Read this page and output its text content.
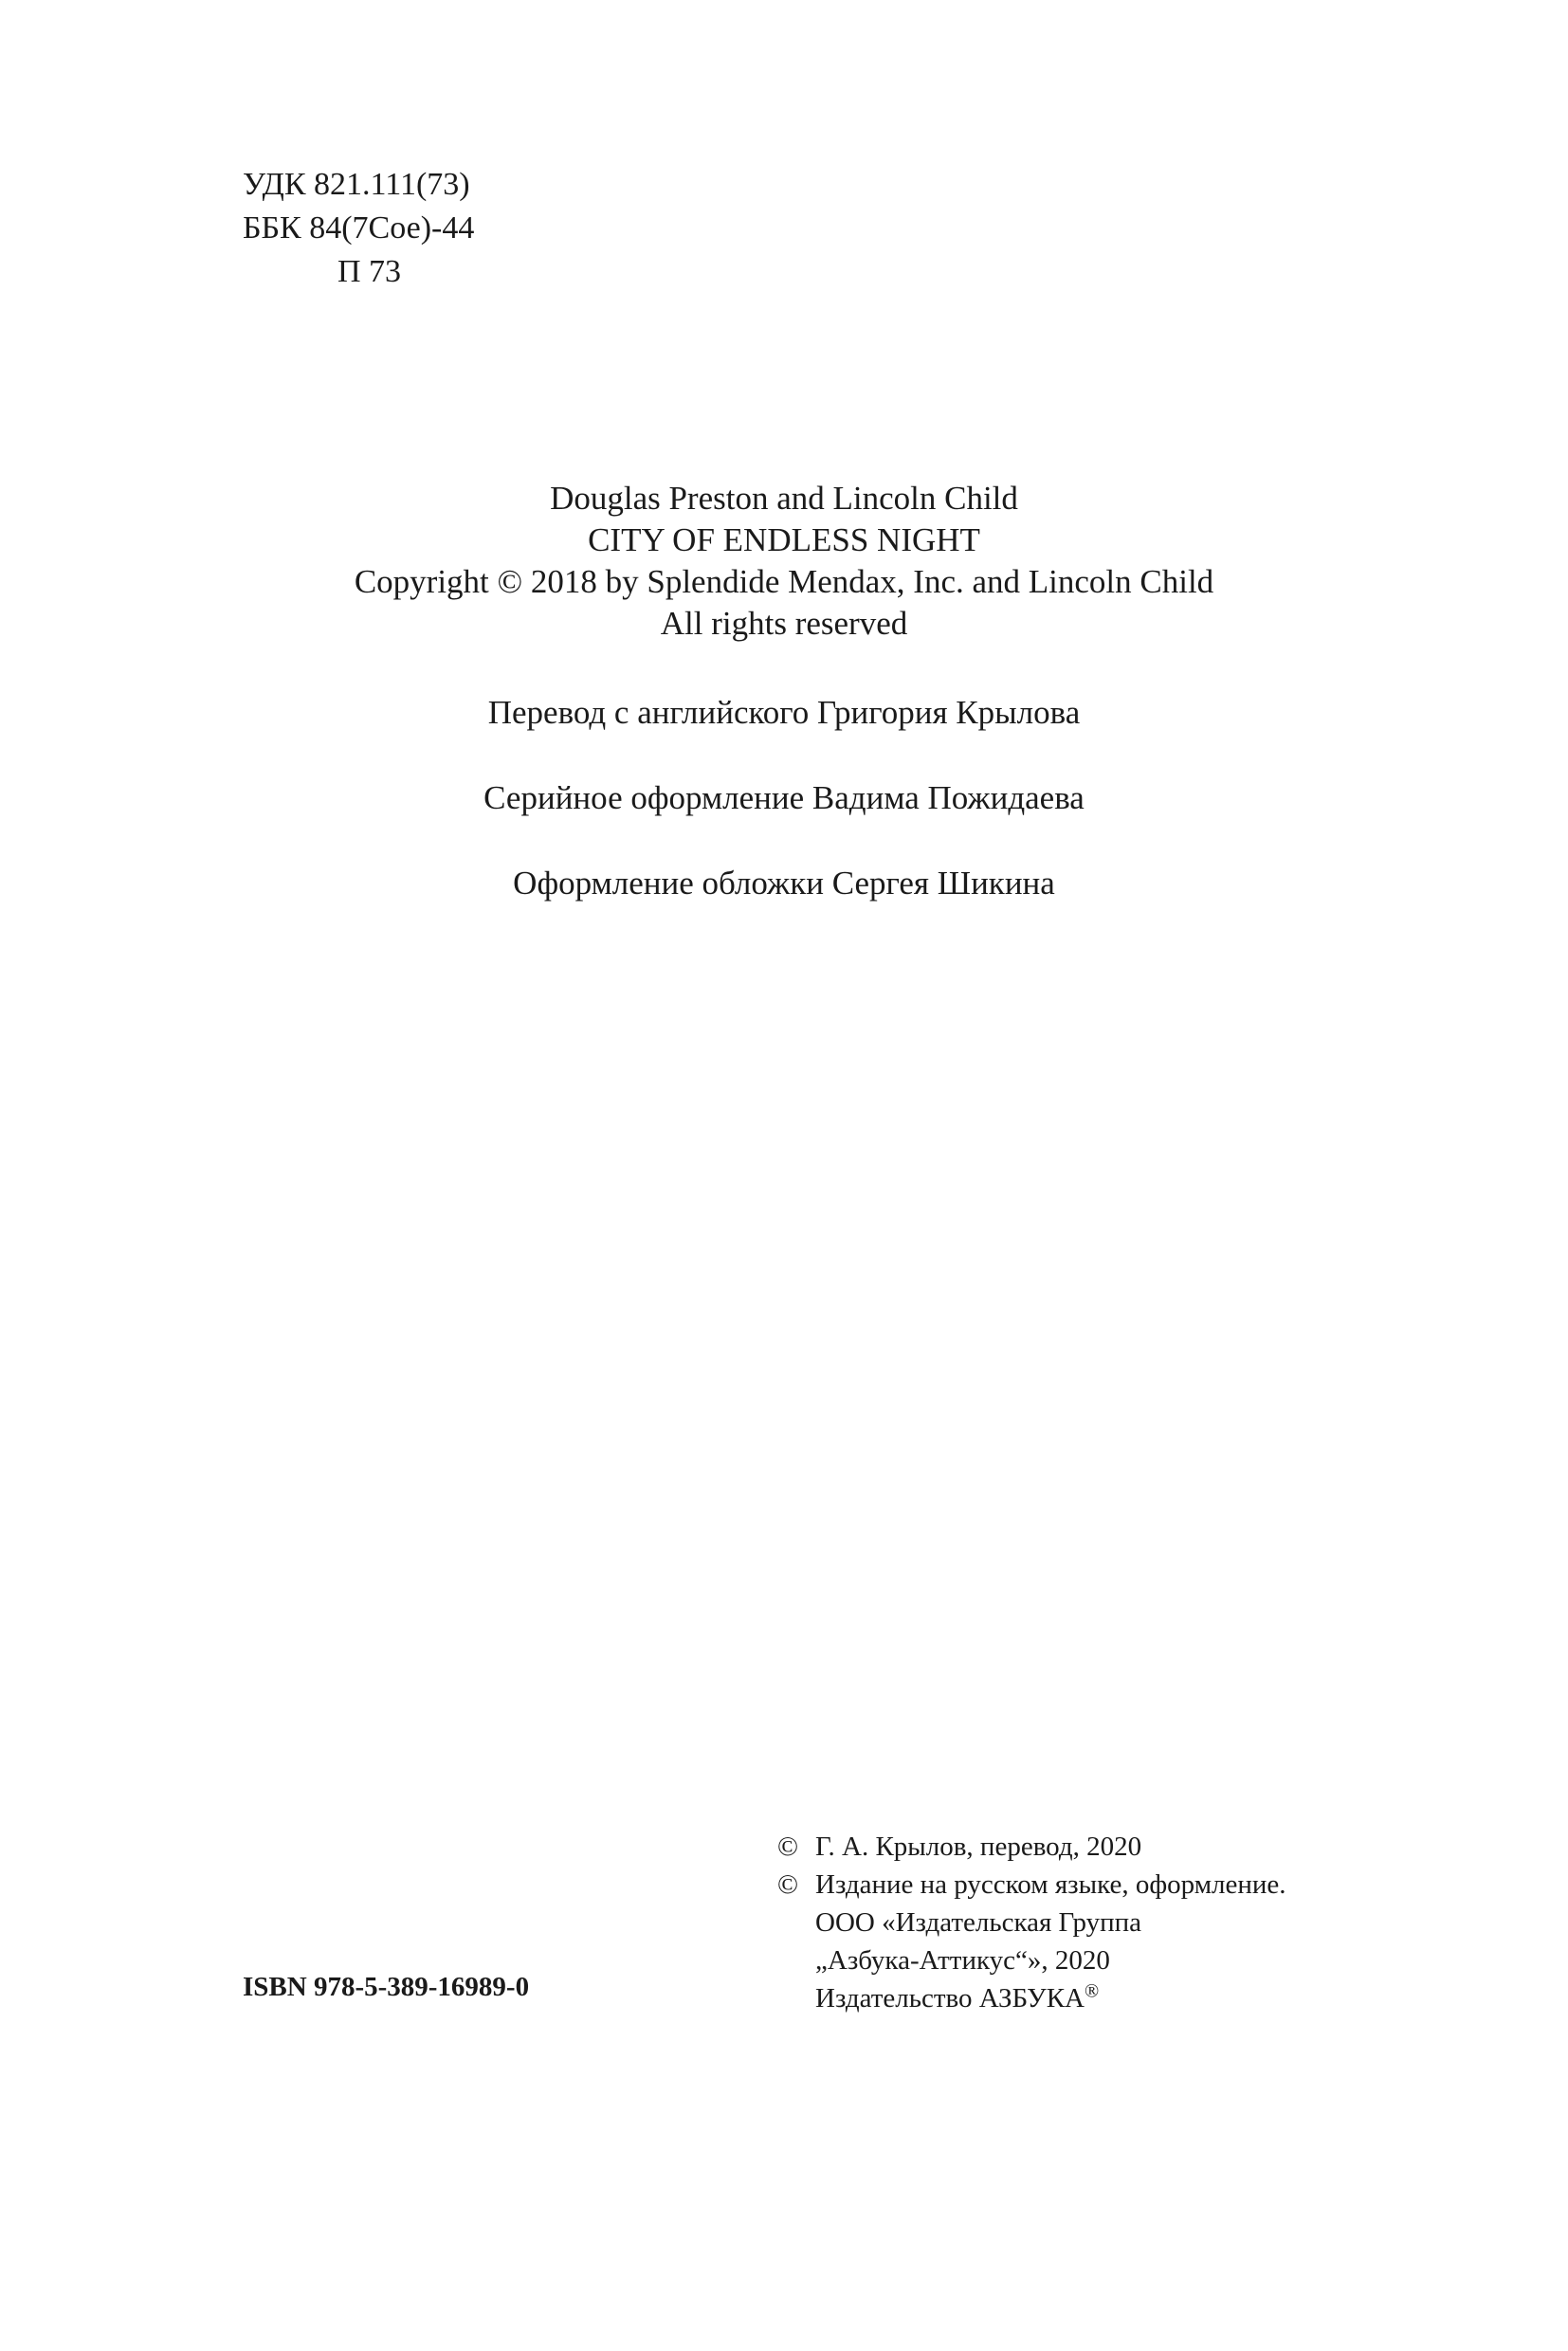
УДК 821.111(73)
ББК 84(7Сое)-44
П 73
Douglas Preston and Lincoln Child
CITY OF ENDLESS NIGHT
Copyright © 2018 by Splendide Mendax, Inc. and Lincoln Child
All rights reserved
Перевод с английского Григория Крылова
Серийное оформление Вадима Пожидаева
Оформление обложки Сергея Шикина
ISBN 978-5-389-16989-0
© Г. А. Крылов, перевод, 2020
© Издание на русском языке, оформление.
ООО «Издательская Группа
„Азбука-Аттикус“», 2020
Издательство АЗБУКА®
